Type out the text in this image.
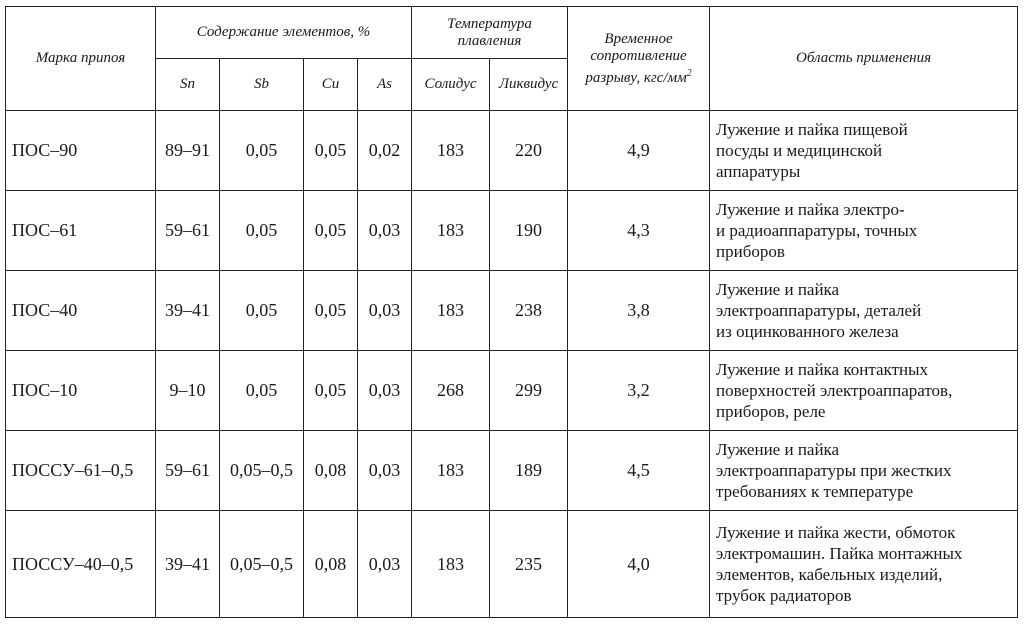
Марка припоя	Содержание элементов, %				Температура плавления		Временное сопротивление разрыву, кгс/$мм^2$	Область применения
	Sn	Sb	Cu	As	Солидус	Ликвидус		
ПОС–90	89–91	0,05	0,05	0,02	183	220	4,9	Лужение и пайка пищевой
посуды и медицинской
аппаратуры

ПОС–61	59–61	0,05	0,05	0,03	183	190	4,3	Лужение и пайка электро-
и радиоаппаратуры, точных
приборов

ПОС–40	39–41	0,05	0,05	0,03	183	238	3,8	Лужение и пайка
электроаппаратуры, деталей
из оцинкованного железа

ПОС–10	9–10	0,05	0,05	0,03	268	299	3,2	Лужение и пайка контактных
поверхностей электроаппаратов,
приборов, реле

ПОССУ–61–0,5	59–61	0,05–0,5	0,08	0,03	183	189	4,5	Лужение и пайка
электроаппаратуры при жестких
требованиях к температуре

ПОССУ–40–0,5	39–41	0,05–0,5	0,08	0,03	183	235	4,0	Лужение и пайка жести, обмоток
электромашин. Пайка монтажных
элементов, кабельных изделий,
трубок радиаторов
